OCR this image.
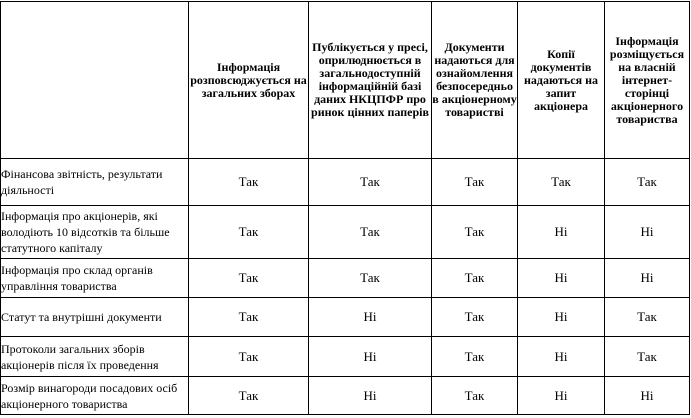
	Інформація розповсюджується на загальних зборах	Публікується у пресі, оприлюднюється в загальнодоступній інформаційній базі даних НКЦПФР про ринок цінних паперів	Документи надаються для ознайомлення безпосередньо в акціонерному товаристві	Копії документів надаються на запит акціонера	Інформація розміщується на власній інтернет-сторінці акціонерного товариства
Фінансова звітність, результати діяльності	Так	Так	Так	Так	Так
Інформація про акціонерів, які володіють 10 відсотків та більше статутного капіталу	Так	Так	Так	Ні	Ні
Інформація про склад органів управління товариства	Так	Так	Так	Ні	Ні
Статут та внутрішні документи	Так	Ні	Так	Ні	Так
Протоколи загальних зборів акціонерів після їх проведення	Так	Ні	Так	Ні	Так
Розмір винагороди посадових осіб акціонерного товариства	Так	Ні	Так	Ні	Ні
